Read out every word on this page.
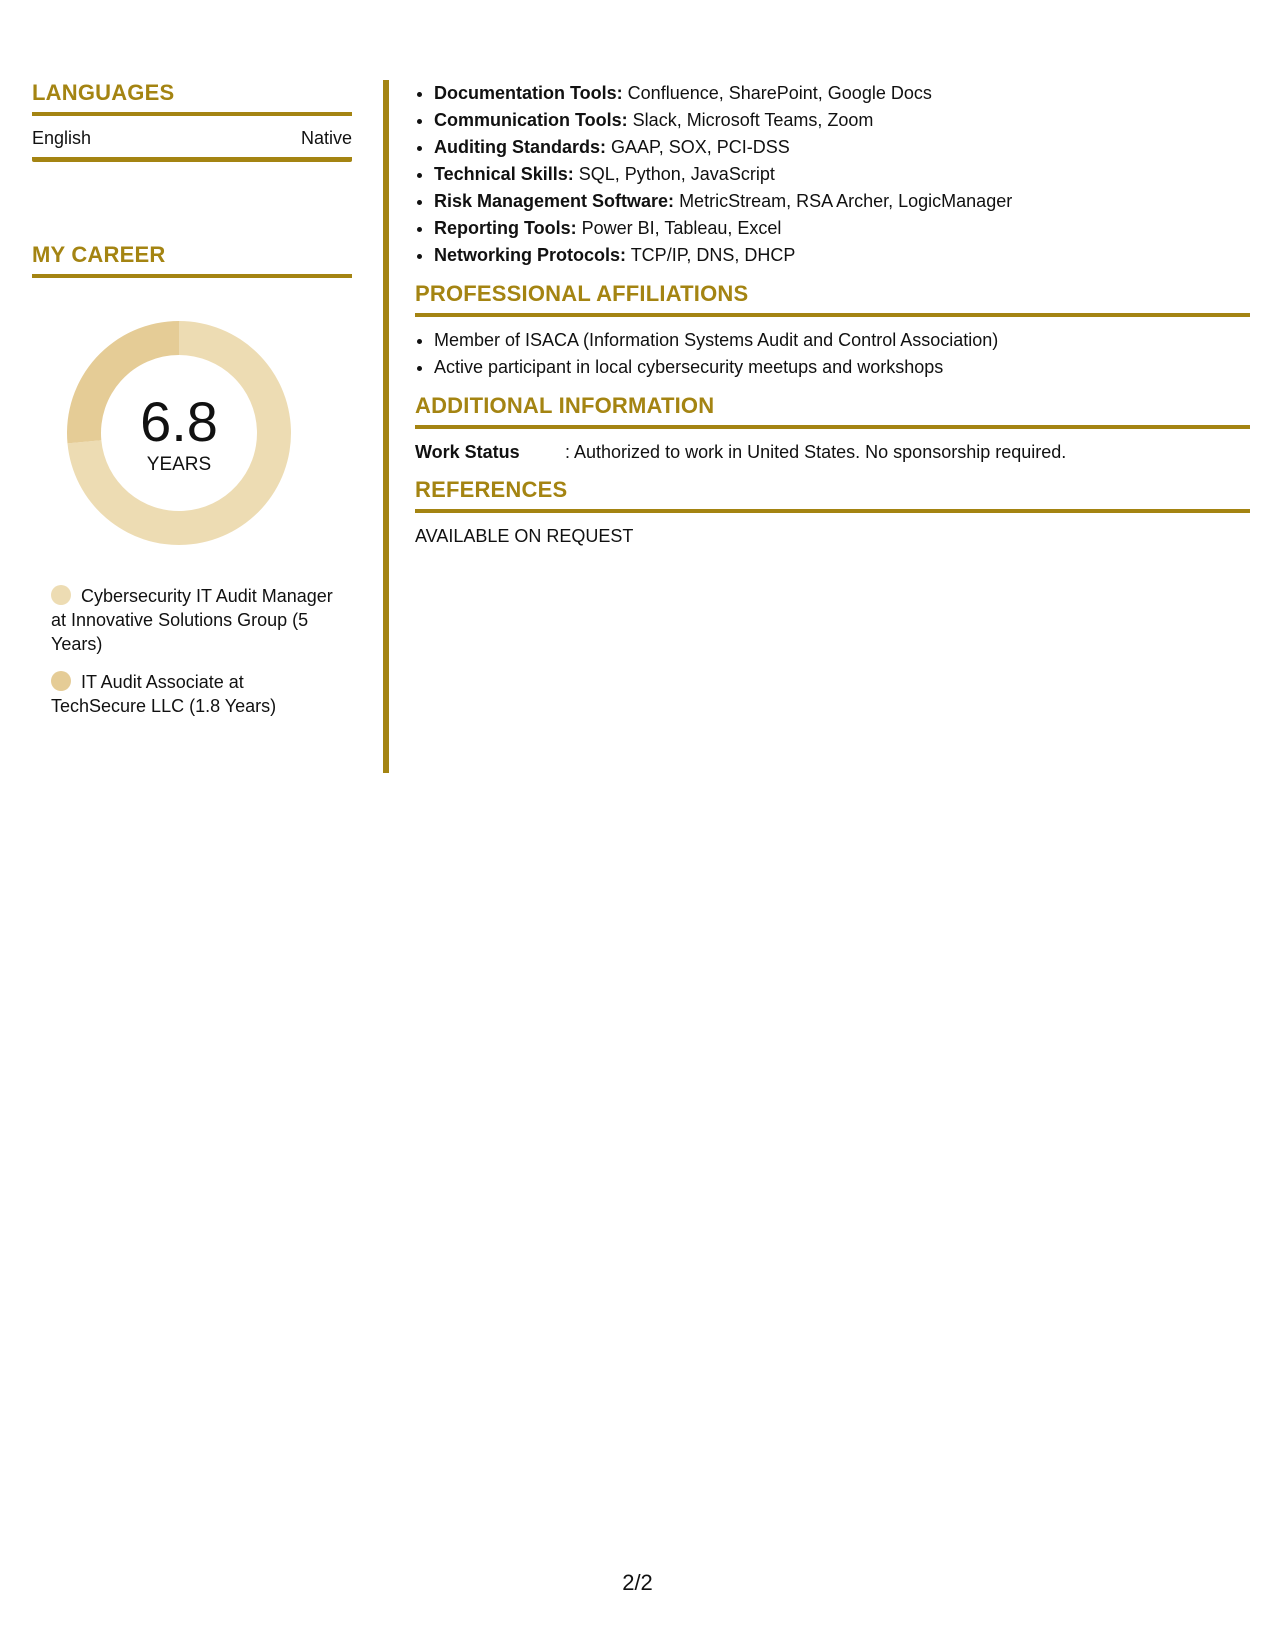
LANGUAGES
English	Native
MY CAREER
6.8
YEARS
Cybersecurity IT Audit Manager at Innovative Solutions Group (5 Years)
IT Audit Associate at TechSecure LLC (1.8 Years)
• Documentation Tools: Confluence, SharePoint, Google Docs
• Communication Tools: Slack, Microsoft Teams, Zoom
• Auditing Standards: GAAP, SOX, PCI-DSS
• Technical Skills: SQL, Python, JavaScript
• Risk Management Software: MetricStream, RSA Archer, LogicManager
• Reporting Tools: Power BI, Tableau, Excel
• Networking Protocols: TCP/IP, DNS, DHCP
PROFESSIONAL AFFILIATIONS
• Member of ISACA (Information Systems Audit and Control Association)
• Active participant in local cybersecurity meetups and workshops
ADDITIONAL INFORMATION
Work Status	: Authorized to work in United States. No sponsorship required.
REFERENCES
AVAILABLE ON REQUEST
2/2
